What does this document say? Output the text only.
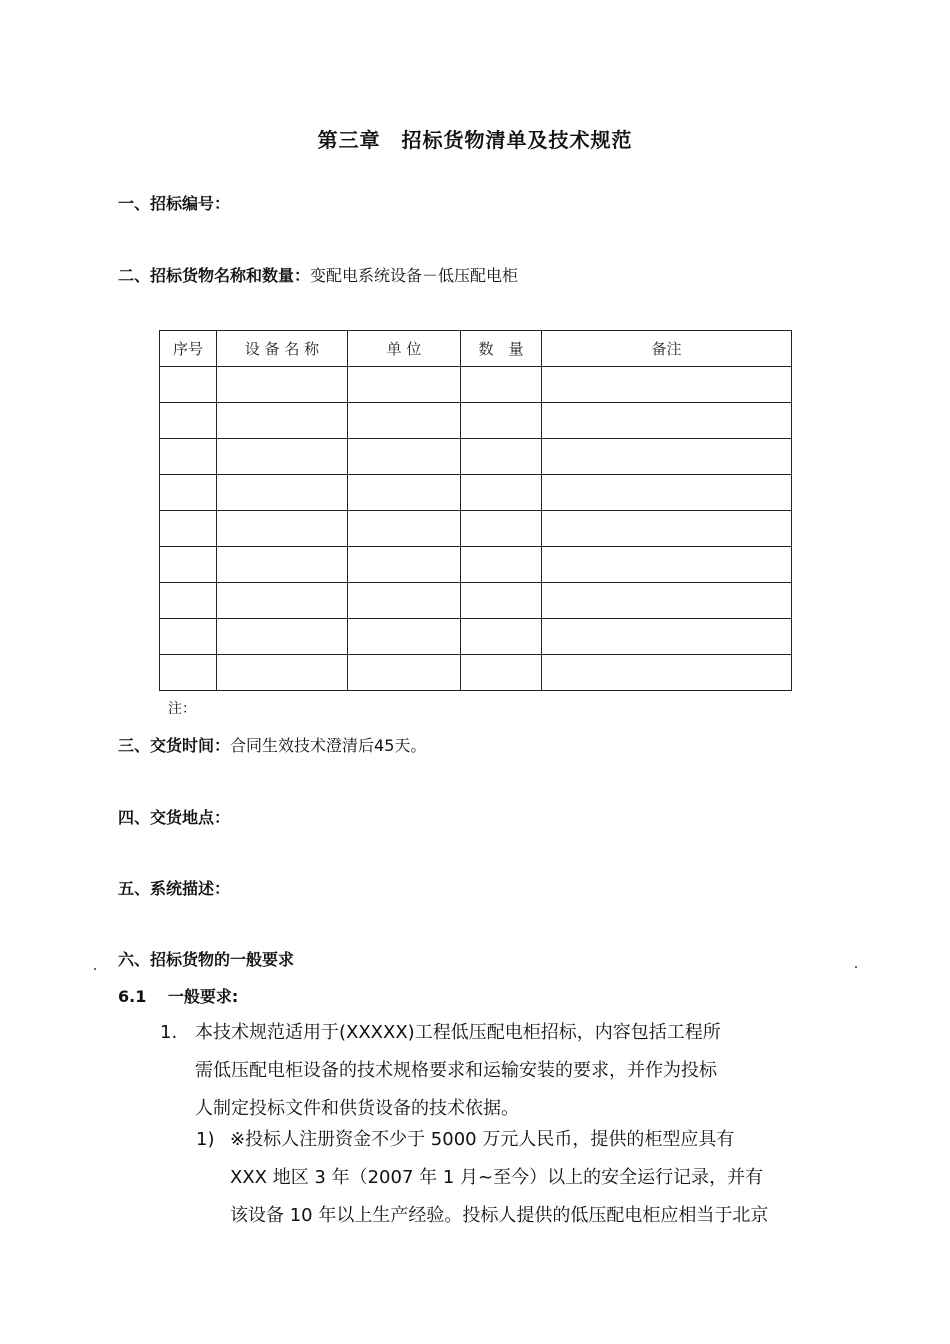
第三章　招标货物清单及技术规范
一、招标编号：
二、招标货物名称和数量：变配电系统设备－低压配电柜
序号	设 备 名 称	单 位	数　量	备注

注：
三、交货时间：合同生效技术澄清后45天。
四、交货地点：
五、系统描述：
六、招标货物的一般要求
6.1　 一般要求:
1. 本技术规范适用于(XXXXX)工程低压配电柜招标，内容包括工程所
需低压配电柜设备的技术规格要求和运输安装的要求，并作为投标
人制定投标文件和供货设备的技术依据。
1) ※投标人注册资金不少于 5000 万元人民币，提供的柜型应具有
XXX 地区 3 年（2007 年 1 月~至今）以上的安全运行记录，并有
该设备 10 年以上生产经验。投标人提供的低压配电柜应相当于北京
